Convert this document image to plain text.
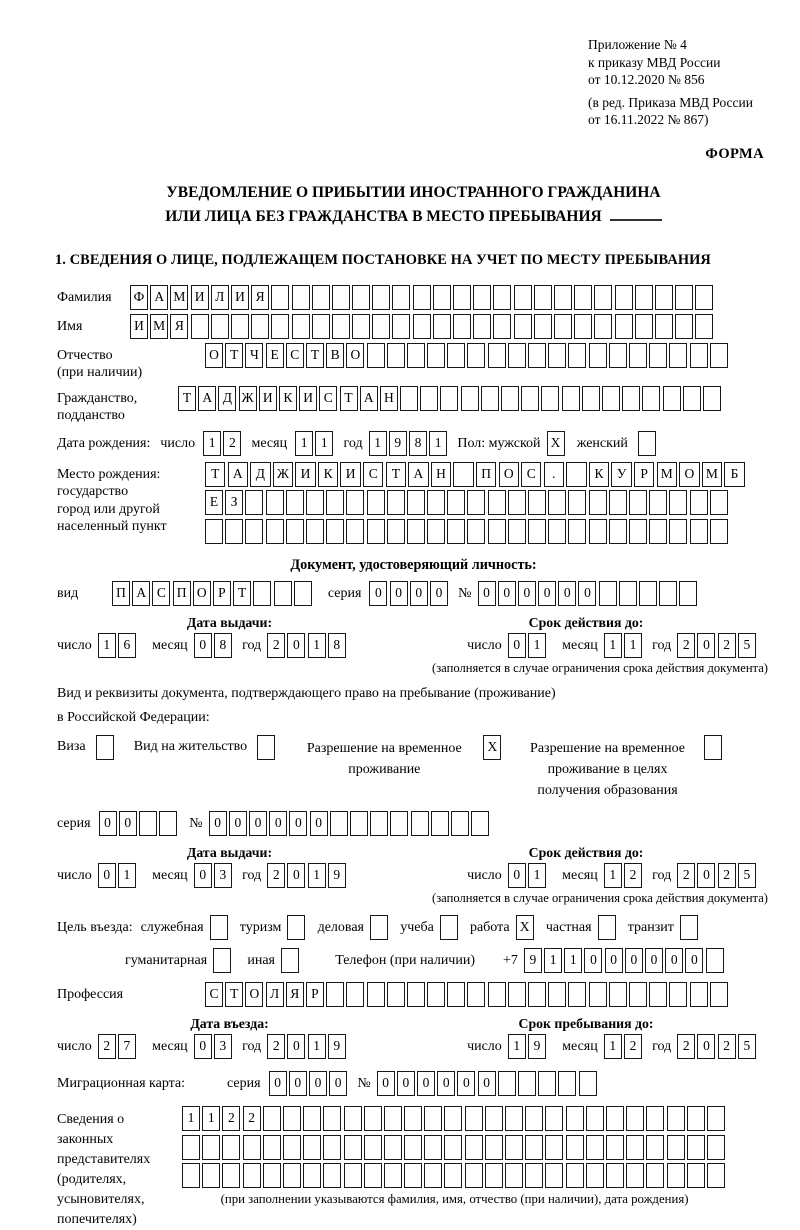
Приложение № 4
к приказу МВД России
от 10.12.2020 № 856
(в ред. Приказа МВД России
от 16.11.2022 № 867)
ФОРМА
УВЕДОМЛЕНИЕ О ПРИБЫТИИ ИНОСТРАННОГО ГРАЖДАНИНА
ИЛИ ЛИЦА БЕЗ ГРАЖДАНСТВА В МЕСТО ПРЕБЫВАНИЯ
1. СВЕДЕНИЯ О ЛИЦЕ, ПОДЛЕЖАЩЕМ ПОСТАНОВКЕ НА УЧЕТ ПО МЕСТУ ПРЕБЫВАНИЯ
Фамилия	Ф А М И Л И Я
Имя	И М Я
Отчество
(при наличии)
О Т Ч Е С Т В О
Гражданство,
подданство
Т А Д Ж И К И С Т А Н
Дата рождения: число	1 2	месяц	1 1	год 1 9 8 1	Пол: мужской X женский
Место рождения:
государство
город или другой
населенный пункт
Т	А Д Ж И К И С	Т	А Н	П О С	.	К У	Р М О М Б
Е З
Документ, удостоверяющий личность:
вид	П А С П О Р Т	серия	0 0 0 0	№ 0 0 0 0 0 0
Дата выдачи:	Срок действия до:
число 1 6	месяц 0 8	год 2 0 1 8	число 0 1	месяц 1 1	год 2 0 2 5
(заполняется в случае ограничения срока действия документа)
Вид и реквизиты документа, подтверждающего право на пребывание (проживание)
в Российской Федерации:
Виза	Вид на жительство	Разрешение на временное
проживание
X	Разрешение на временное
проживание в целях
получения образования
серия	0 0	№ 0 0 0 0 0 0
Дата выдачи:	Срок действия до:
число 0 1	месяц 0 3	год 2 0 1 9	число 0 1	месяц 1 2	год 2 0 2 5
(заполняется в случае ограничения срока действия документа)
Цель въезда: служебная	туризм	деловая	учеба	работа X частная	транзит
гуманитарная	иная	Телефон (при наличии) +7 9 1 1 0 0 0 0 0 0
Профессия	С Т О Л Я Р
Дата въезда:	Срок пребывания до:
число 2 7	месяц 0 3	год 2 0 1 9	число 1 9	месяц 1 2	год 2 0 2 5
Миграционная карта:	серия	0 0 0 0	№ 0 0 0 0 0 0
Сведения о
законных
представителях
(родителях,
усыновителях,
попечителях)
1 1 2 2
(при заполнении указываются фамилия, имя, отчество (при наличии), дата рождения)
